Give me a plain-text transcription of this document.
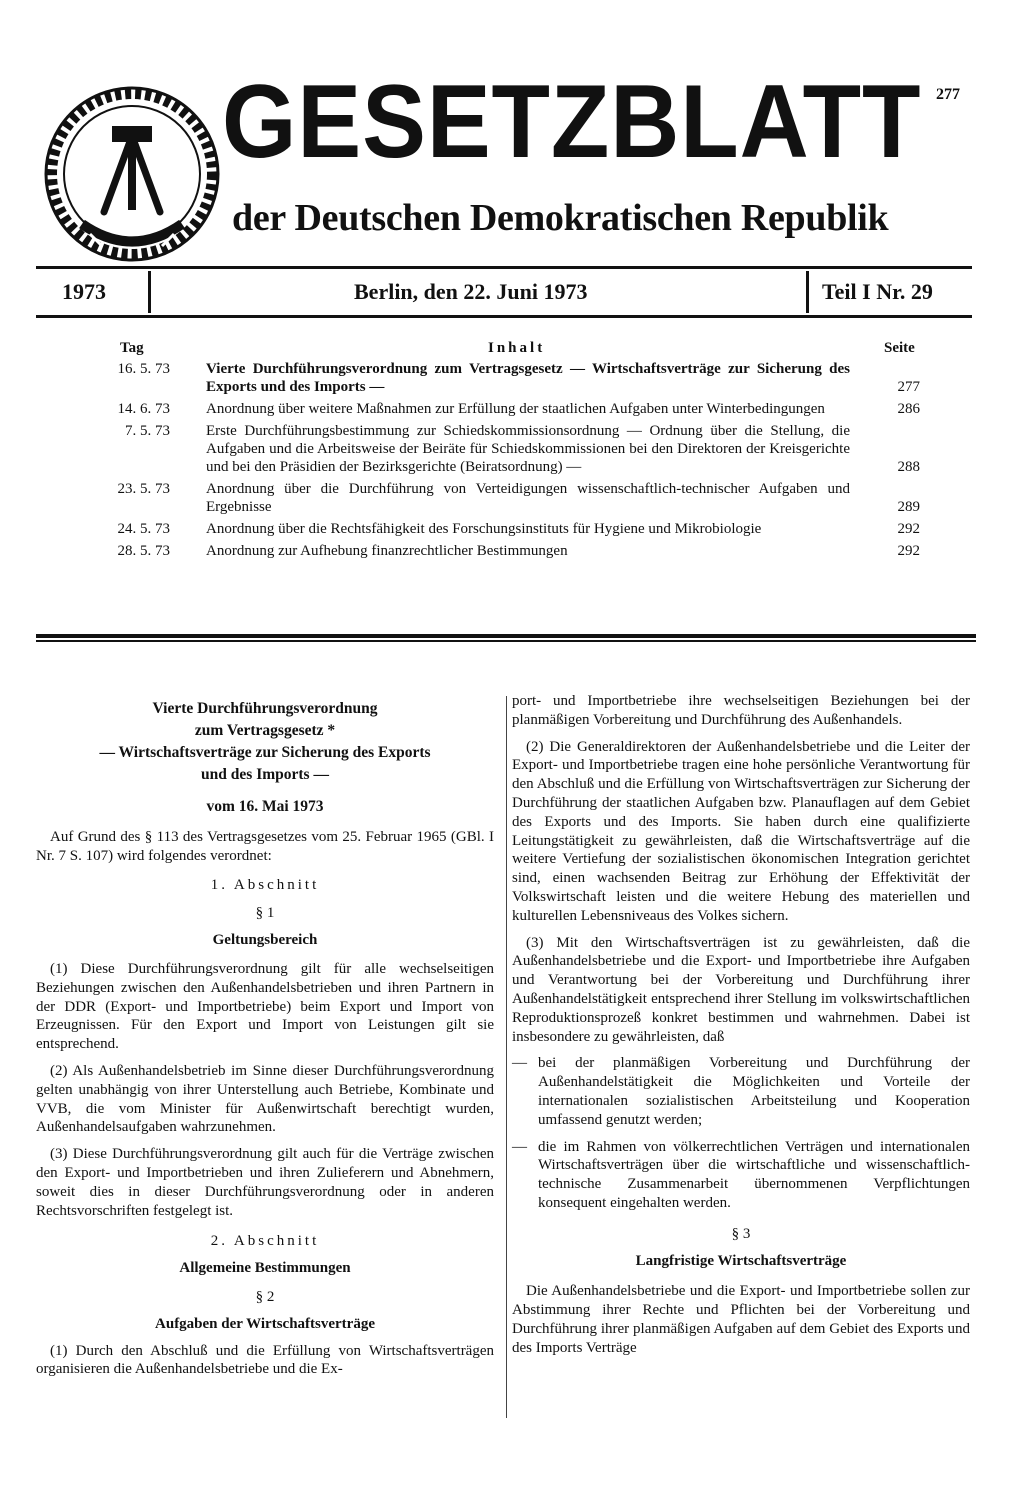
GESETZBLATT 277
der Deutschen Demokratischen Republik
1973	Berlin, den 22. Juni 1973	Teil I Nr. 29
Tag	Inhalt	Seite
16. 5. 73	Vierte Durchführungsverordnung zum Vertragsgesetz — Wirtschaftsverträge zur Sicherung des Exports und des Imports —	277
14. 6. 73	Anordnung über weitere Maßnahmen zur Erfüllung der staatlichen Aufgaben unter Winterbedingungen	286
7. 5. 73	Erste Durchführungsbestimmung zur Schiedskommissionsordnung — Ordnung über die Stellung, die Aufgaben und die Arbeitsweise der Beiräte für Schiedskommissionen bei den Direktoren der Kreisgerichte und bei den Präsidien der Bezirksgerichte (Beiratsordnung) —	288
23. 5. 73	Anordnung über die Durchführung von Verteidigungen wissenschaftlich-technischer Aufgaben und Ergebnisse	289
24. 5. 73	Anordnung über die Rechtsfähigkeit des Forschungsinstituts für Hygiene und Mikrobiologie	292
28. 5. 73	Anordnung zur Aufhebung finanzrechtlicher Bestimmungen	292
Vierte Durchführungsverordnung
zum Vertragsgesetz *
— Wirtschaftsverträge zur Sicherung des Exports
und des Imports —
vom 16. Mai 1973

Auf Grund des § 113 des Vertragsgesetzes vom 25. Februar 1965 (GBl. I Nr. 7 S. 107) wird folgendes verordnet:

1. Abschnitt

§ 1

Geltungsbereich

(1) Diese Durchführungsverordnung gilt für alle wechselseitigen Beziehungen zwischen den Außenhandelsbetrieben und ihren Partnern in der DDR (Export- und Importbetriebe) beim Export und Import von Erzeugnissen. Für den Export und Import von Leistungen gilt sie entsprechend.

(2) Als Außenhandelsbetrieb im Sinne dieser Durchführungsverordnung gelten unabhängig von ihrer Unterstellung auch Betriebe, Kombinate und VVB, die vom Minister für Außenwirtschaft berechtigt wurden, Außenhandelsaufgaben wahrzunehmen.

(3) Diese Durchführungsverordnung gilt auch für die Verträge zwischen den Export- und Importbetrieben und ihren Zulieferern und Abnehmern, soweit dies in dieser Durchführungsverordnung oder in anderen Rechtsvorschriften festgelegt ist.

2. Abschnitt

Allgemeine Bestimmungen

§ 2

Aufgaben der Wirtschaftsverträge

(1) Durch den Abschluß und die Erfüllung von Wirtschaftsverträgen organisieren die Außenhandelsbetriebe und die Ex-

port- und Importbetriebe ihre wechselseitigen Beziehungen bei der planmäßigen Vorbereitung und Durchführung des Außenhandels.

(2) Die Generaldirektoren der Außenhandelsbetriebe und die Leiter der Export- und Importbetriebe tragen eine hohe persönliche Verantwortung für den Abschluß und die Erfüllung von Wirtschaftsverträgen zur Sicherung der Durchführung der staatlichen Aufgaben bzw. Planauflagen auf dem Gebiet des Exports und des Imports. Sie haben durch eine qualifizierte Leitungstätigkeit zu gewährleisten, daß die Wirtschaftsverträge auf die weitere Vertiefung der sozialistischen ökonomischen Integration gerichtet sind, einen wachsenden Beitrag zur Erhöhung der Effektivität der Volkswirtschaft leisten und die weitere Hebung des materiellen und kulturellen Lebensniveaus des Volkes sichern.

(3) Mit den Wirtschaftsverträgen ist zu gewährleisten, daß die Außenhandelsbetriebe und die Export- und Importbetriebe ihre Aufgaben und Verantwortung bei der Vorbereitung und Durchführung ihrer Außenhandelstätigkeit entsprechend ihrer Stellung im volkswirtschaftlichen Reproduktionsprozeß konkret bestimmen und wahrnehmen. Dabei ist insbesondere zu gewährleisten, daß

— bei der planmäßigen Vorbereitung und Durchführung der Außenhandelstätigkeit die Möglichkeiten und Vorteile der internationalen sozialistischen Arbeitsteilung und Kooperation umfassend genutzt werden;
— die im Rahmen von völkerrechtlichen Verträgen und internationalen Wirtschaftsverträgen über die wirtschaftliche und wissenschaftlich-technische Zusammenarbeit übernommenen Verpflichtungen konsequent eingehalten werden.

§ 3

Langfristige Wirtschaftsverträge

Die Außenhandelsbetriebe und die Export- und Importbetriebe sollen zur Abstimmung ihrer Rechte und Pflichten bei der Vorbereitung und Durchführung ihrer planmäßigen Aufgaben auf dem Gebiet des Exports und des Imports Verträge
